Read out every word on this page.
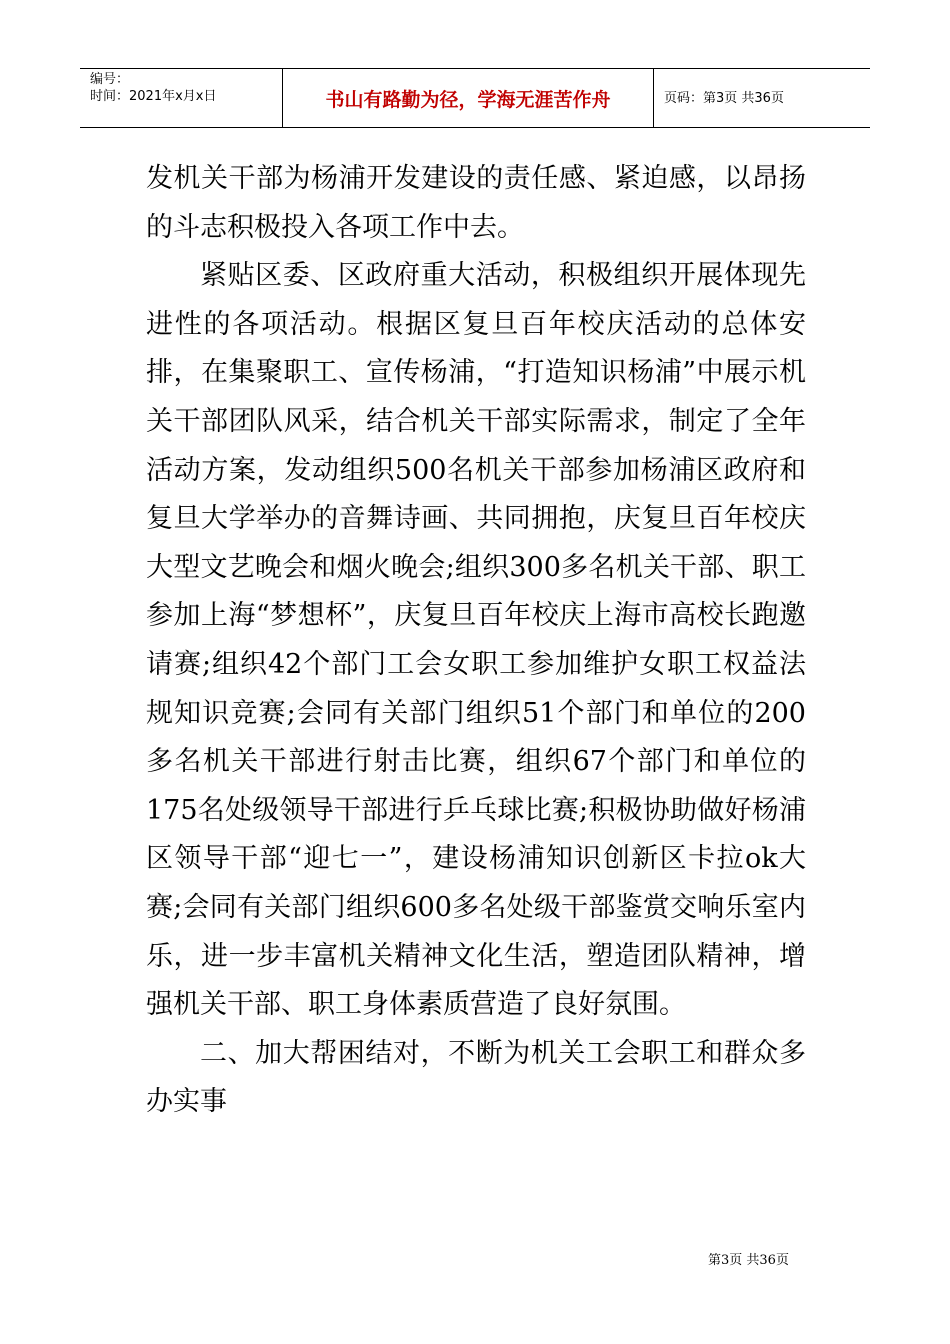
编号：
时间：2021年x月x日	书山有路勤为径，学海无涯苦作舟	页码：第3页 共36页

发机关干部为杨浦开发建设的责任感、紧迫感，以昂扬的斗志积极投入各项工作中去。

紧贴区委、区政府重大活动，积极组织开展体现先进性的各项活动。根据区复旦百年校庆活动的总体安排，在集聚职工、宣传杨浦，“打造知识杨浦”中展示机关干部团队风采，结合机关干部实际需求，制定了全年活动方案，发动组织500名机关干部参加杨浦区政府和复旦大学举办的音舞诗画、共同拥抱，庆复旦百年校庆大型文艺晚会和烟火晚会;组织300多名机关干部、职工参加上海“梦想杯”，庆复旦百年校庆上海市高校长跑邀请赛;组织42个部门工会女职工参加维护女职工权益法规知识竞赛;会同有关部门组织51个部门和单位的200多名机关干部进行射击比赛，组织67个部门和单位的175名处级领导干部进行乒乓球比赛;积极协助做好杨浦区领导干部“迎七一”，建设杨浦知识创新区卡拉ok大赛;会同有关部门组织600多名处级干部鉴赏交响乐室内乐，进一步丰富机关精神文化生活，塑造团队精神，增强机关干部、职工身体素质营造了良好氛围。

二、加大帮困结对，不断为机关工会职工和群众多办实事

第3页 共36页
